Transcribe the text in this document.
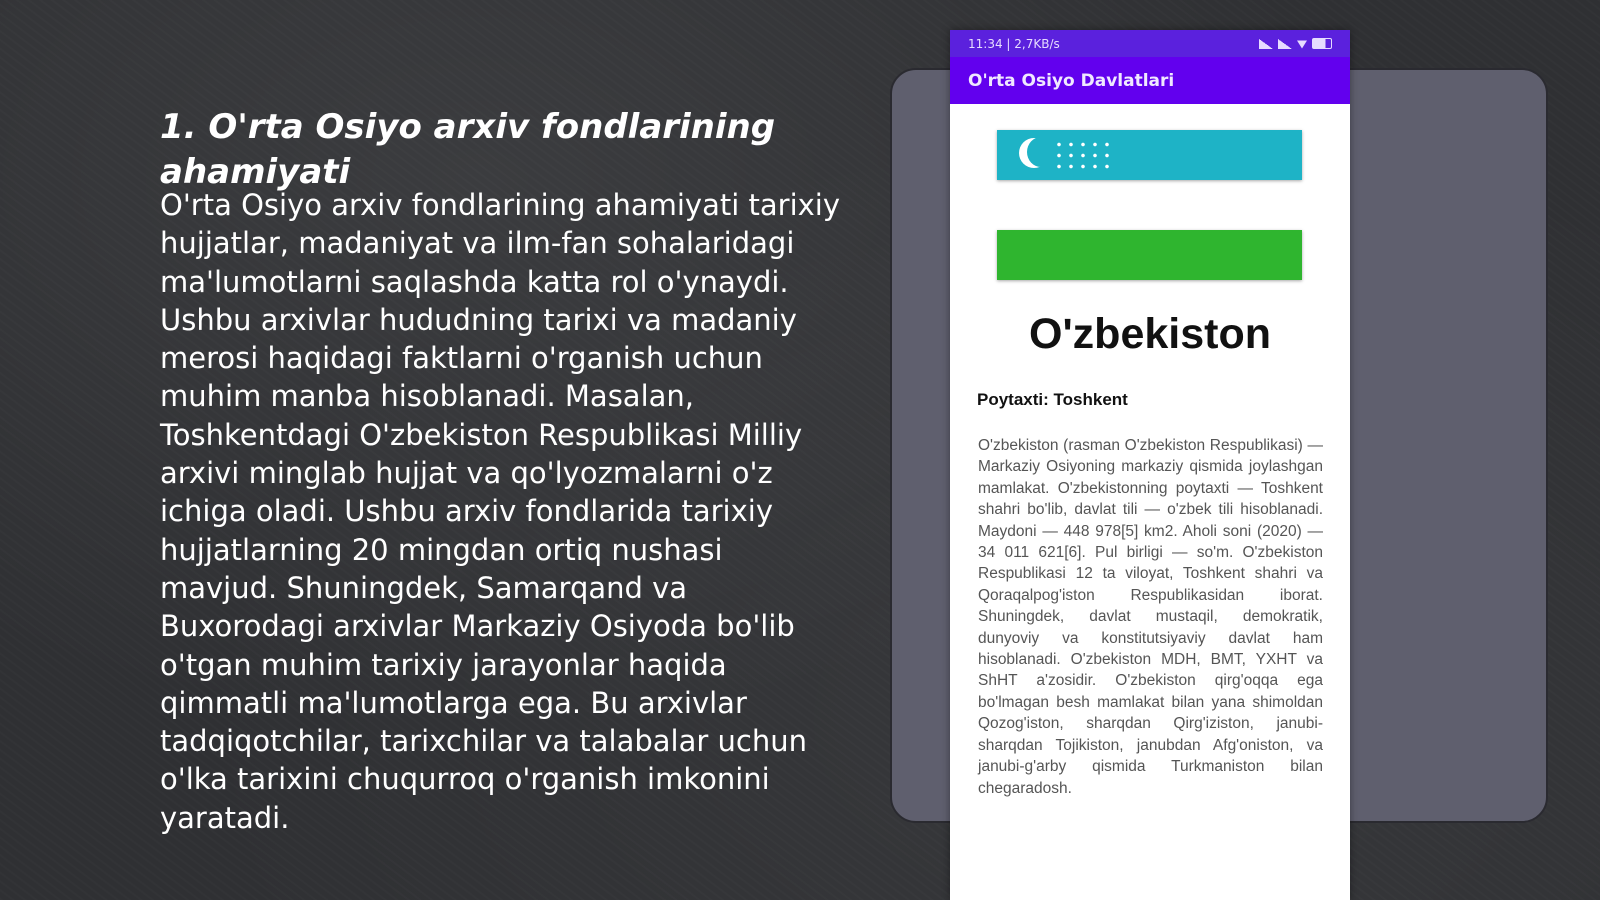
1. O'rta Osiyo arxiv fondlarining ahamiyati

O'rta Osiyo arxiv fondlarining ahamiyati tarixiy hujjatlar, madaniyat va ilm-fan sohalaridagi ma'lumotlarni saqlashda katta rol o'ynaydi. Ushbu arxivlar hududning tarixi va madaniy merosi haqidagi faktlarni o'rganish uchun muhim manba hisoblanadi. Masalan, Toshkentdagi O'zbekiston Respublikasi Milliy arxivi minglab hujjat va qo'lyozmalarni o'z ichiga oladi. Ushbu arxiv fondlarida tarixiy hujjatlarning 20 mingdan ortiq nushasi mavjud. Shuningdek, Samarqand va Buxorodagi arxivlar Markaziy Osiyoda bo'lib o'tgan muhim tarixiy jarayonlar haqida qimmatli ma'lumotlarga ega. Bu arxivlar tadqiqotchilar, tarixchilar va talabalar uchun o'lka tarixini chuqurroq o'rganish imkonini yaratadi.

11:34 | 2,7KB/s
O'rta Osiyo Davlatlari
O'zbekiston

Poytaxti: Toshkent

O'zbekiston (rasman O'zbekiston Respublikasi) — Markaziy Osiyoning markaziy qismida joylashgan mamlakat. O'zbekistonning poytaxti — Toshkent shahri bo'lib, davlat tili — o'zbek tili hisoblanadi. Maydoni — 448 978[5] km2. Aholi soni (2020) — 34 011 621[6]. Pul birligi — so'm. O'zbekiston Respublikasi 12 ta viloyat, Toshkent shahri va Qoraqalpog'iston Respublikasidan iborat. Shuningdek, davlat mustaqil, demokratik, dunyoviy va konstitutsiyaviy davlat ham hisoblanadi. O'zbekiston MDH, BMT, YXHT va ShHT a'zosidir. O'zbekiston qirg'oqqa ega bo'lmagan besh mamlakat bilan yana shimoldan Qozog'iston, sharqdan Qirg'iziston, janubi-sharqdan Tojikiston, janubdan Afg'oniston, va janubi-g'arby qismida Turkmaniston bilan chegaradosh.
